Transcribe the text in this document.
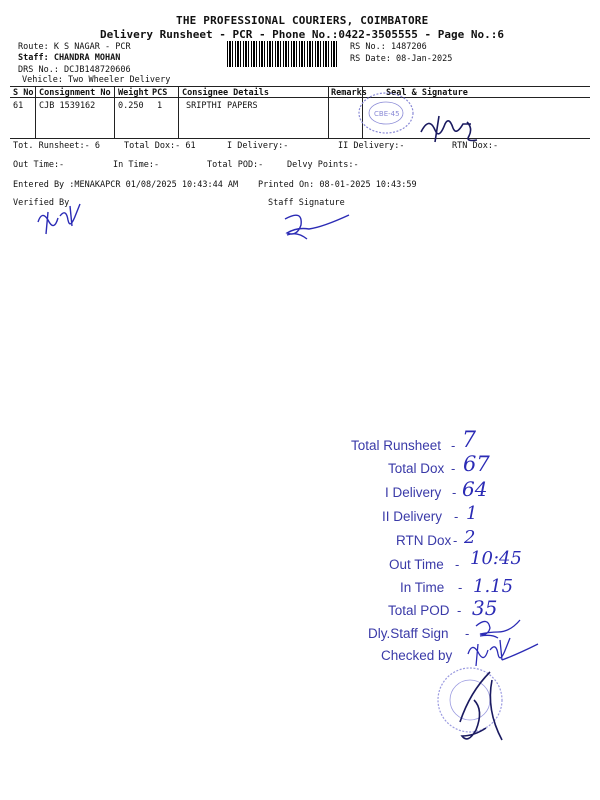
THE PROFESSIONAL COURIERS, COIMBATORE
Delivery Runsheet - PCR - Phone No.:0422-3505555 - Page No.:6
Route: K S NAGAR - PCR
Staff: CHANDRA MOHAN
DRS No.: DCJB148720606
Vehicle: Two Wheeler Delivery
RS No.: 1487206
RS Date: 08-Jan-2025
S No Consignment No Weight PCS Consignee Details	Remarks Seal & Signature
61 CJB 1539162	0.250 1	SRIPTHI PAPERS
CBE-45
Tot. Runsheet:- 6	Total Dox:- 61	I Delivery:-	II Delivery:-	RTN Dox:-
Out Time:-	In Time:-	Total POD:-	Delvy Points:-
Entered By :MENAKAPCR 01/08/2025 10:43:44 AM Printed On: 08-01-2025 10:43:59
Verified By	Staff Signature
Total Runsheet - 7
Total Dox - 67
I Delivery - 64
II Delivery - 1
RTN Dox - 2
Out Time - 10:45
In Time - 1.15
Total POD - 35
Dly.Staff Sign -
Checked by
